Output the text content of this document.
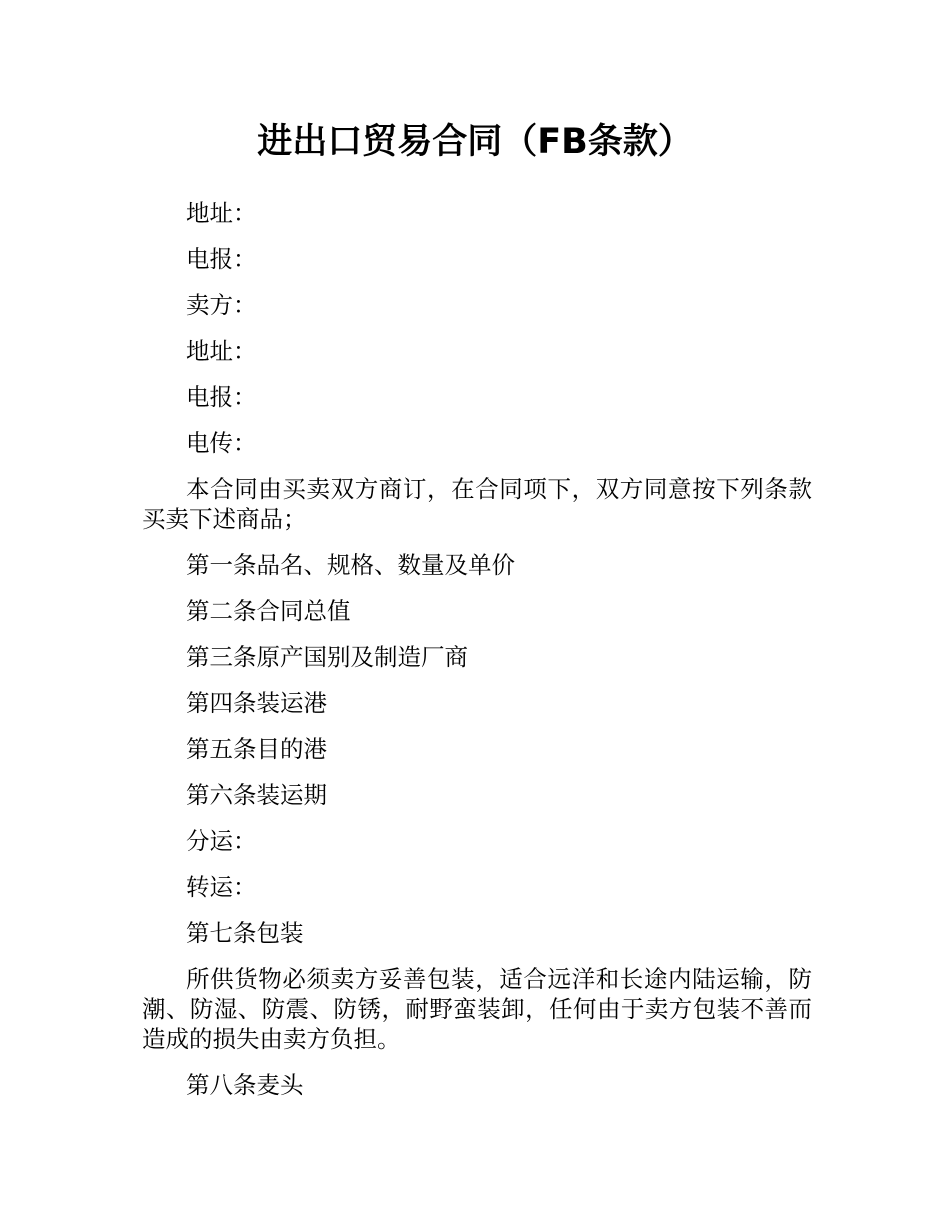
进出口贸易合同（FB条款）

地址：

电报：

卖方：

地址：

电报：

电传：

本合同由买卖双方商订，在合同项下，双方同意按下列条款买卖下述商品；

第一条品名、规格、数量及单价

第二条合同总值

第三条原产国别及制造厂商

第四条装运港

第五条目的港

第六条装运期

分运：

转运：

第七条包装

所供货物必须卖方妥善包装，适合远洋和长途内陆运输，防潮、防湿、防震、防锈，耐野蛮装卸，任何由于卖方包装不善而造成的损失由卖方负担。

第八条麦头
